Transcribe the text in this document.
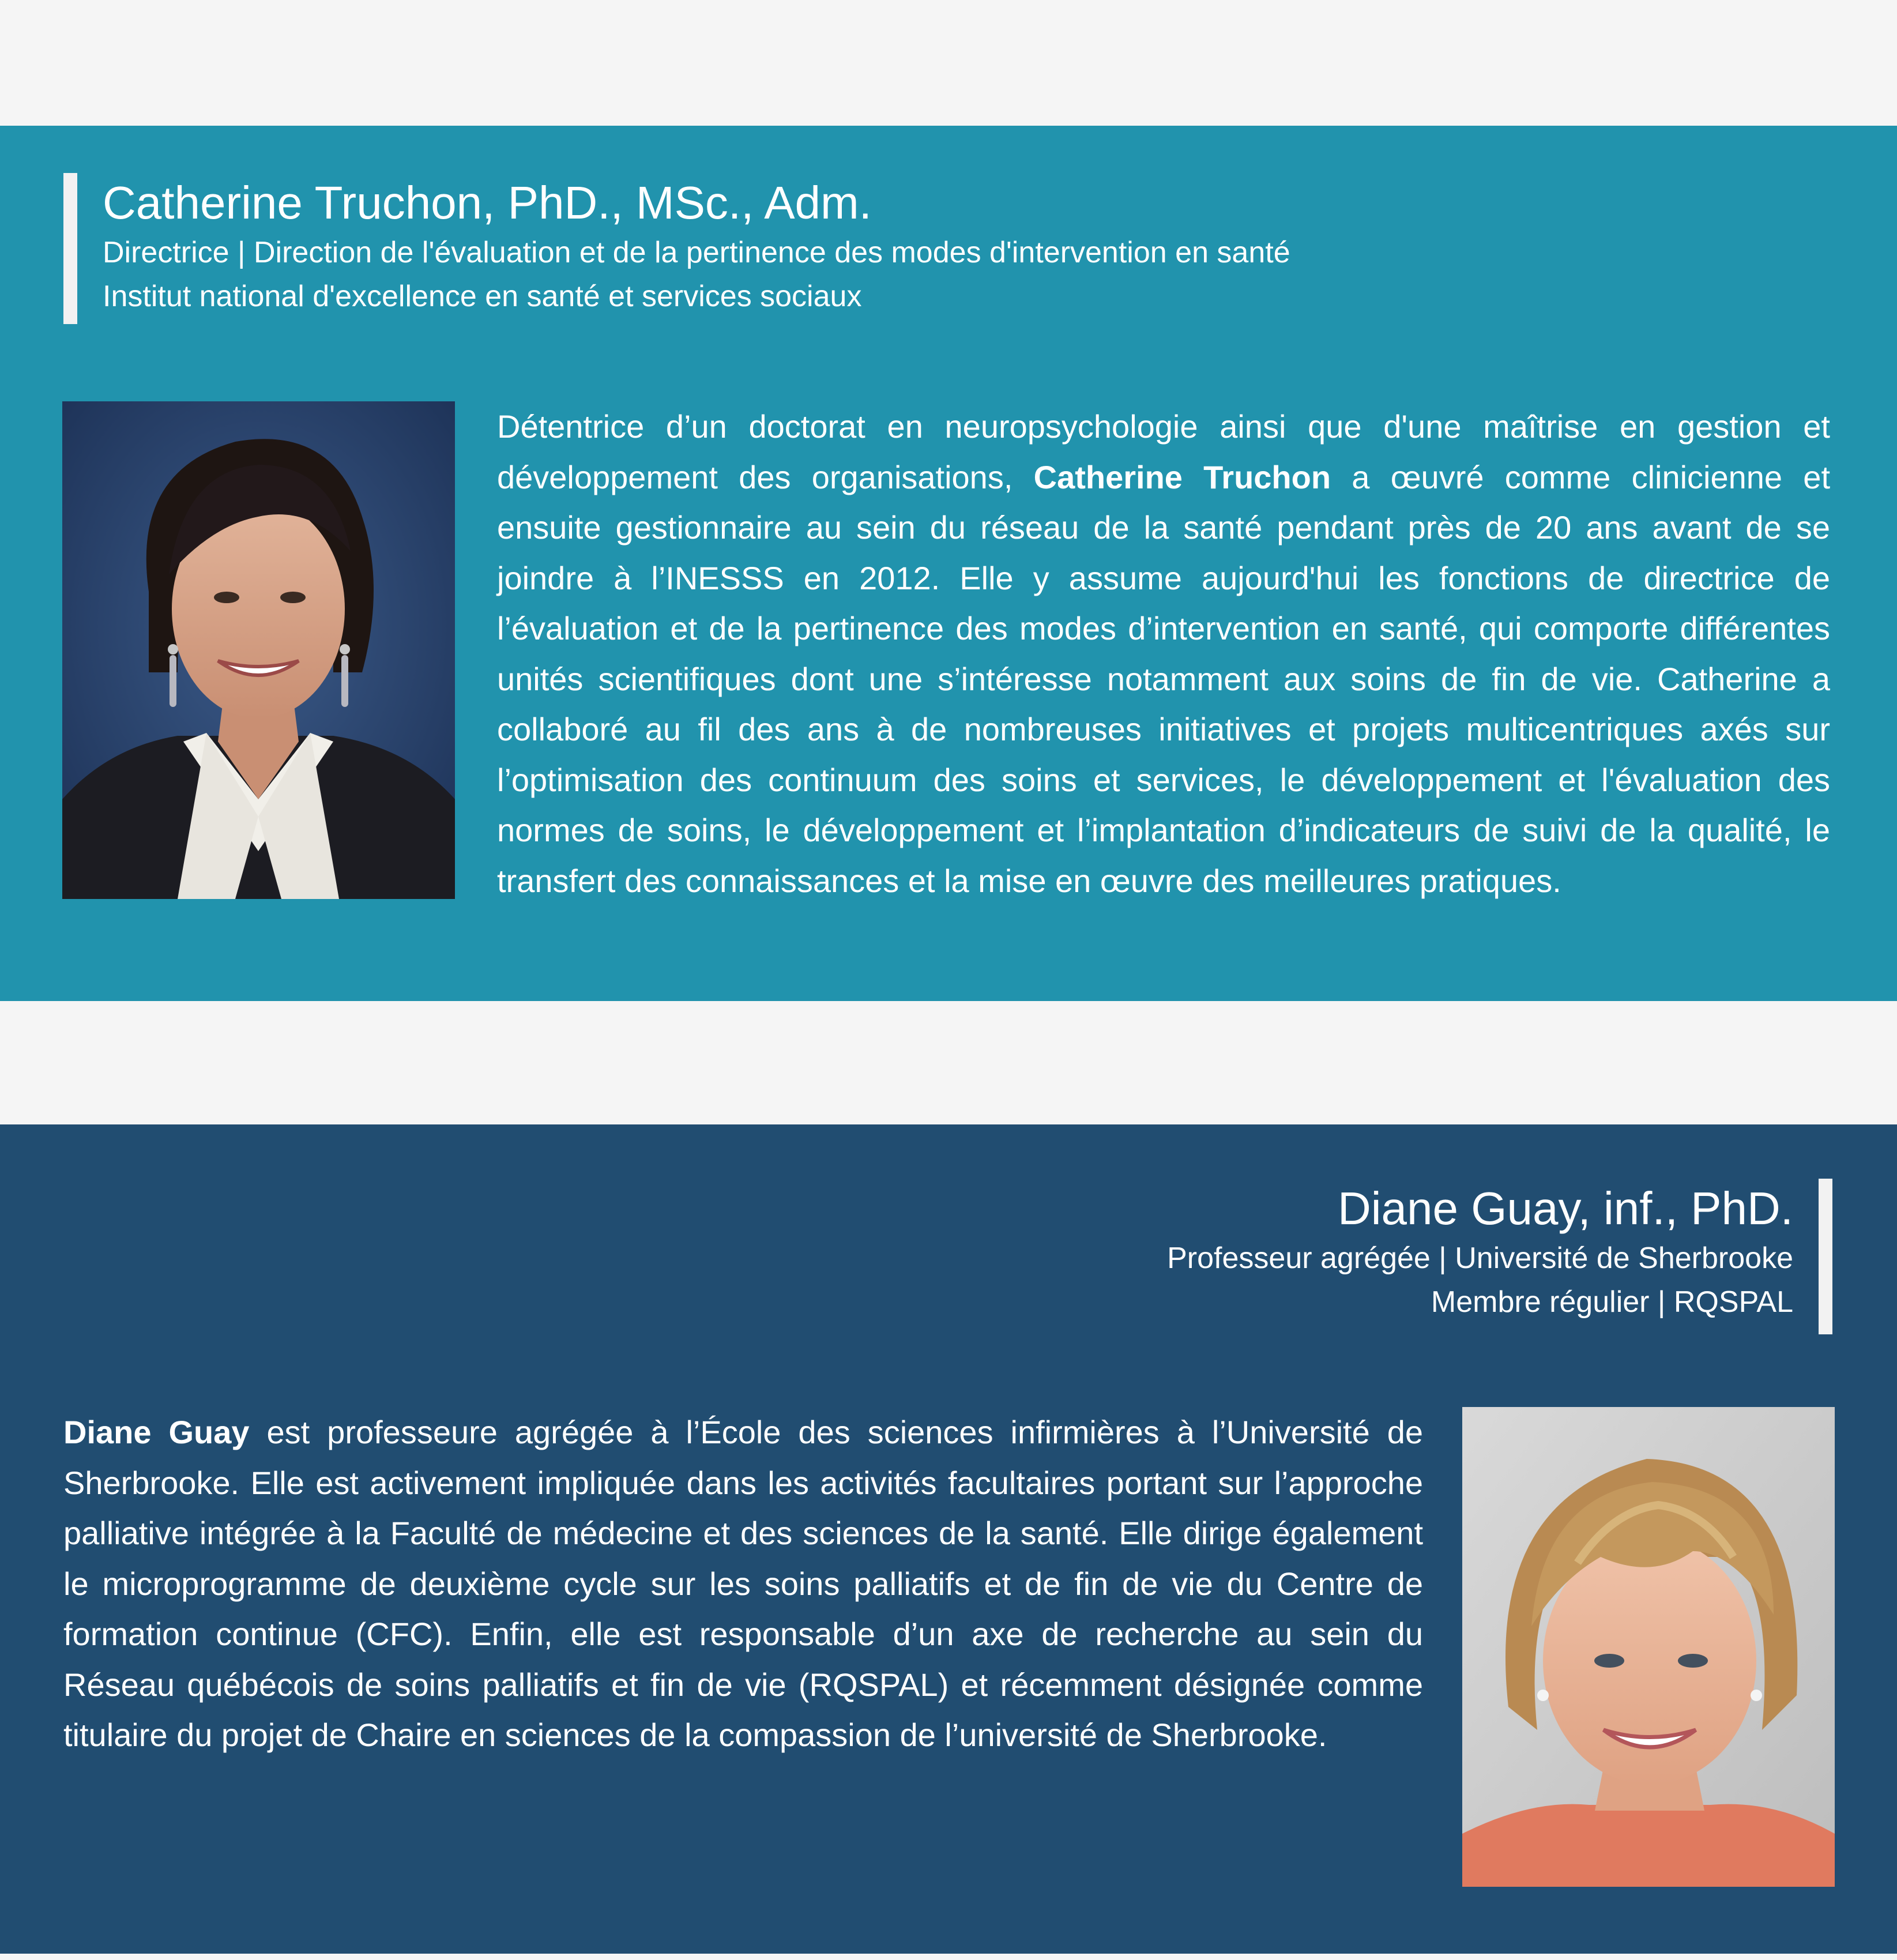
Catherine Truchon, PhD., MSc., Adm.
Directrice | Direction de l'évaluation et de la pertinence des modes d'intervention en santé
Institut national d'excellence en santé et services sociaux

Détentrice d’un doctorat en neuropsychologie ainsi que d'une maîtrise en gestion et développement des organisations, Catherine Truchon a œuvré comme clinicienne et ensuite gestionnaire au sein du réseau de la santé pendant près de 20 ans avant de se joindre à l’INESSS en 2012. Elle y assume aujourd'hui les fonctions de directrice de l’évaluation et de la pertinence des modes d’intervention en santé, qui comporte différentes unités scientifiques dont une s’intéresse notamment aux soins de fin de vie. Catherine a collaboré au fil des ans à de nombreuses initiatives et projets multicentriques axés sur l’optimisation des continuum des soins et services, le développement et l'évaluation des normes de soins, le développement et l’implantation d’indicateurs de suivi de la qualité, le transfert des connaissances et la mise en œuvre des meilleures pratiques.

Diane Guay, inf., PhD.
Professeur agrégée | Université de Sherbrooke
Membre régulier | RQSPAL

Diane Guay est professeure agrégée à l’École des sciences infirmières à l’Université de Sherbrooke. Elle est activement impliquée dans les activités facultaires portant sur l’approche palliative intégrée à la Faculté de médecine et des sciences de la santé. Elle dirige également le microprogramme de deuxième cycle sur les soins palliatifs et de fin de vie du Centre de formation continue (CFC). Enfin, elle est responsable d’un axe de recherche au sein du Réseau québécois de soins palliatifs et fin de vie (RQSPAL) et récemment désignée comme titulaire du projet de Chaire en sciences de la compassion de l’université de Sherbrooke.
